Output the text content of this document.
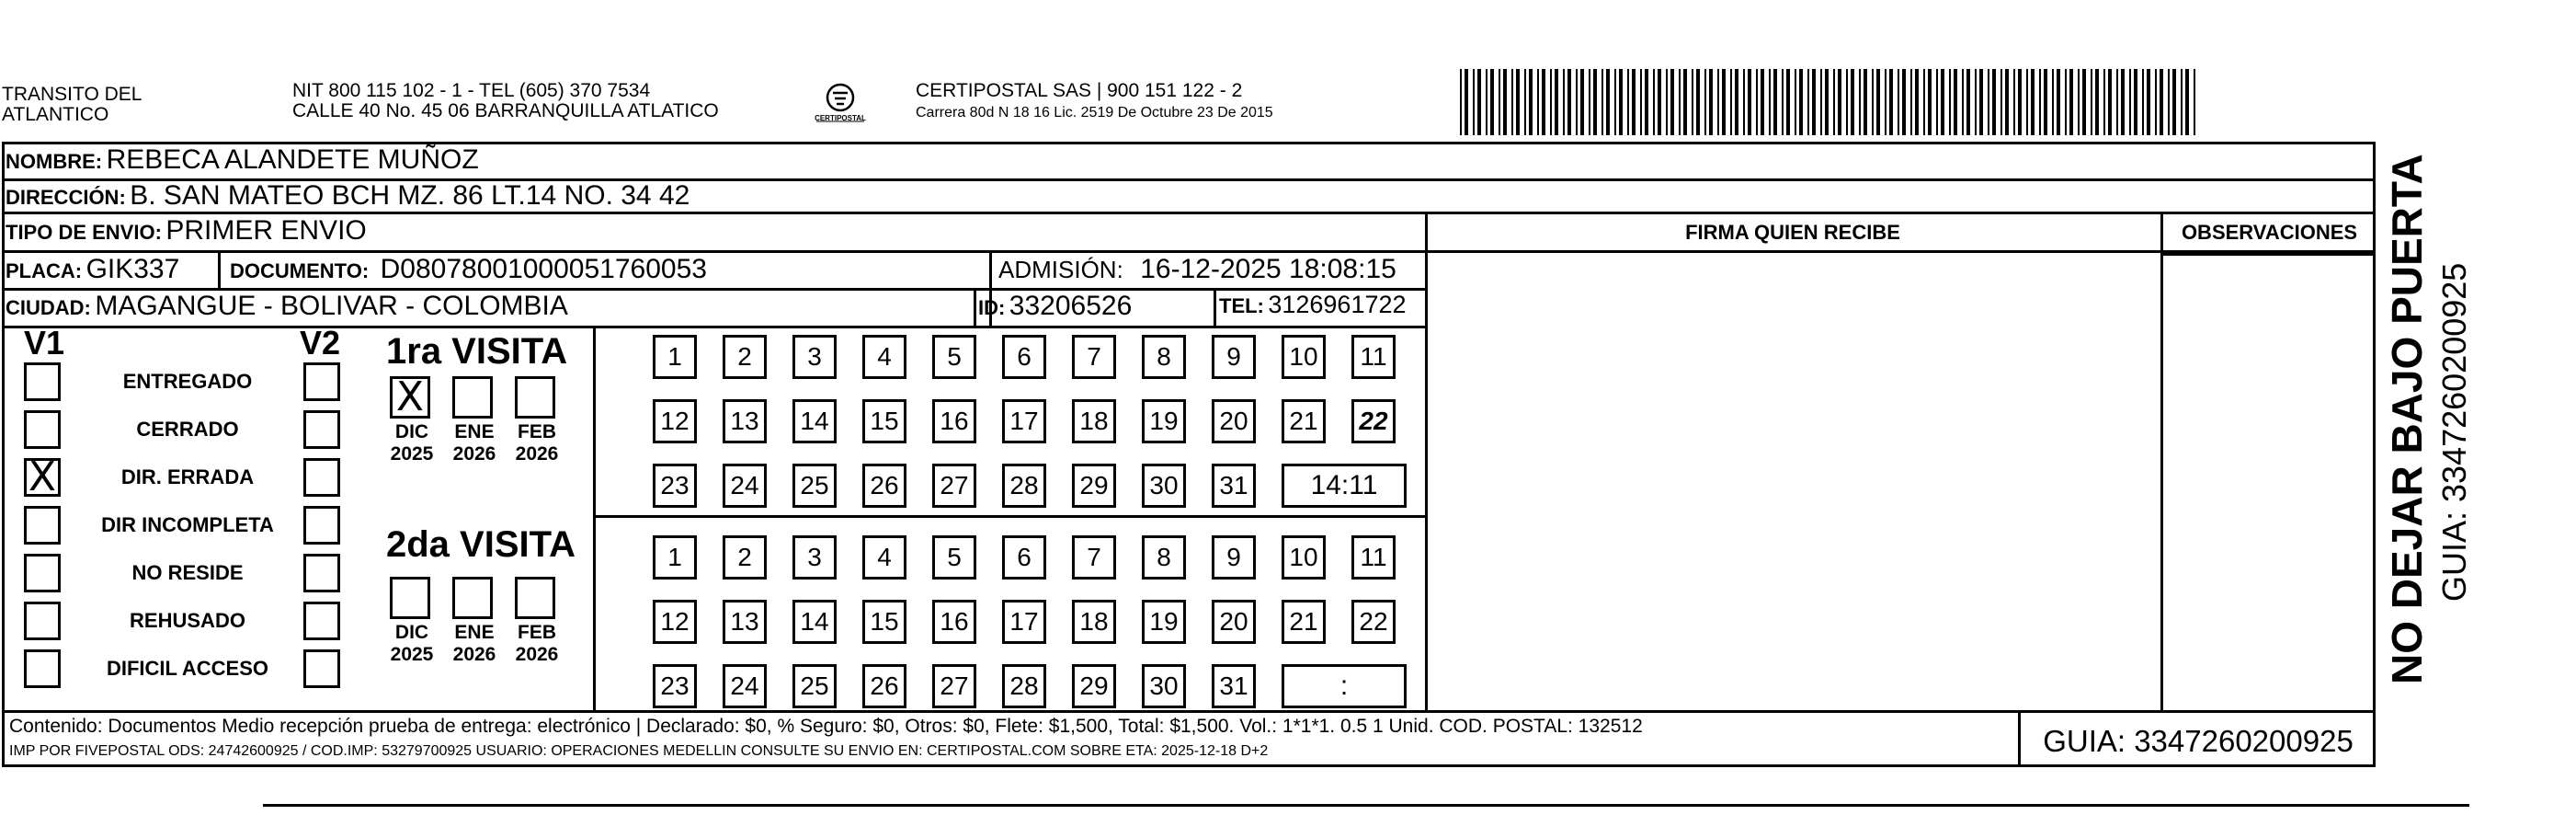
TRANSITO DEL
ATLANTICO
NIT 800 115 102 - 1 - TEL (605) 370 7534
CALLE 40 No. 45 06 BARRANQUILLA ATLATICO	CERTIPOSTAL
CERTIPOSTAL SAS | 900 151 122 - 2
Carrera 80d N 18 16 Lic. 2519 De Octubre 23 De 2015
NOMBRE: REBECA ALANDETE MUÑOZ
DIRECCIÓN: B. SAN MATEO BCH MZ. 86 LT.14 NO. 34 42
TIPO DE ENVIO: PRIMER ENVIO	FIRMA QUIEN RECIBE	OBSERVACIONES
PLACA: GIK337 DOCUMENTO: D08078001000051760053	ADMISIÓN: 16-12-2025 18:08:15
CIUDAD: MAGANGUE - BOLIVAR - COLOMBIA	ID: 33206526	TEL: 3126961722
V1	V2
ENTREGADO
CERRADO
X	DIR. ERRADA
DIR INCOMPLETA
NO RESIDE
REHUSADO
DIFICIL ACCESO
1ra VISITA
2da VISITA
1	2	3	4	5	6	7	8	9	10	11
12	13	14	15	16	17	18	19	20	21	22
23	24	25	26	27	28	29	30	31	14:11
X
DIC
2025
ENE
2026
FEB
2026
1	2	3	4	5	6	7	8	9	10	11
12	13	14	15	16	17	18	19	20	21	22
23	24	25	26	27	28	29	30	31	:
DIC
2025
ENE
2026
FEB
2026
Contenido: Documentos Medio recepción prueba de entrega: electrónico | Declarado: $0, % Seguro: $0, Otros: $0, Flete: $1,500, Total: $1,500. Vol.: 1*1*1. 0.5 1 Unid. COD. POSTAL: 132512
IMP POR FIVEPOSTAL ODS: 24742600925 / COD.IMP: 53279700925 USUARIO: OPERACIONES MEDELLIN CONSULTE SU ENVIO EN: CERTIPOSTAL.COM SOBRE ETA: 2025-12-18 D+2	GUIA: 3347260200925
NO DEJAR BAJO PUERTA GUIA: 3347260200925
